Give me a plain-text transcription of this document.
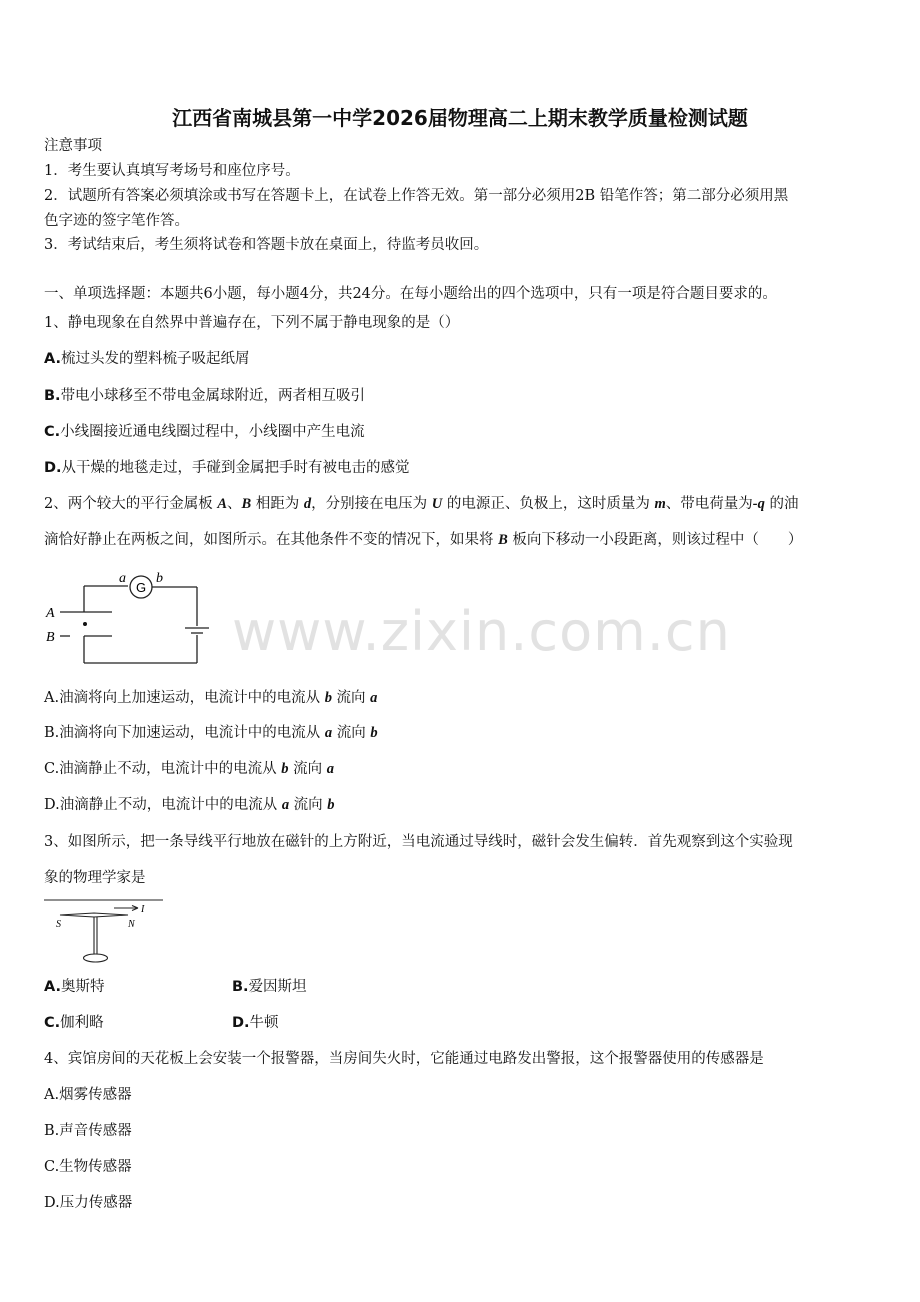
江西省南城县第一中学2026届物理高二上期末教学质量检测试题
注意事项
1．考生要认真填写考场号和座位序号。
2．试题所有答案必须填涂或书写在答题卡上，在试卷上作答无效。第一部分必须用2B 铅笔作答；第二部分必须用黑
色字迹的签字笔作答。
3．考试结束后，考生须将试卷和答题卡放在桌面上，待监考员收回。
一、单项选择题：本题共6小题，每小题4分，共24分。在每小题给出的四个选项中，只有一项是符合题目要求的。
1、静电现象在自然界中普遍存在，下列不属于静电现象的是（）
A.梳过头发的塑料梳子吸起纸屑
B.带电小球移至不带电金属球附近，两者相互吸引
C.小线圈接近通电线圈过程中，小线圈中产生电流
D.从干燥的地毯走过，手碰到金属把手时有被电击的感觉
2、两个较大的平行金属板 A、B 相距为 d，分别接在电压为 U 的电源正、负极上，这时质量为 m、带电荷量为-q 的油
滴恰好静止在两板之间，如图所示。在其他条件不变的情况下，如果将 B 板向下移动一小段距离，则该过程中（　　）
G
a b
A
B	www.zixin.com.cn
A.油滴将向上加速运动，电流计中的电流从 b 流向 a
B.油滴将向下加速运动，电流计中的电流从 a 流向 b
C.油滴静止不动，电流计中的电流从 b 流向 a
D.油滴静止不动，电流计中的电流从 a 流向 b
3、如图所示，把一条导线平行地放在磁针的上方附近，当电流通过导线时，磁针会发生偏转．首先观察到这个实验现
象的物理学家是
I
S	N
A.奥斯特	B.爱因斯坦
C.伽利略	D.牛顿
4、宾馆房间的天花板上会安装一个报警器，当房间失火时，它能通过电路发出警报，这个报警器使用的传感器是
A.烟雾传感器
B.声音传感器
C.生物传感器
D.压力传感器
